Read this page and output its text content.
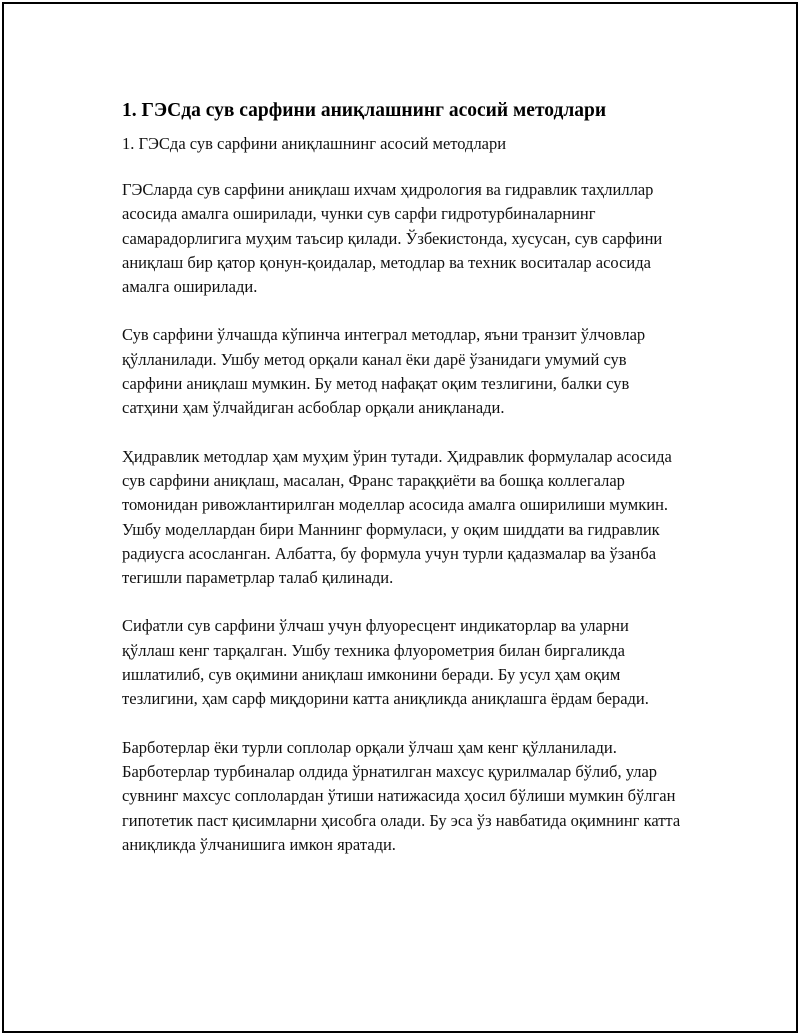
1. ГЭСда сув сарфини аниқлашнинг асосий методлари

1. ГЭСда сув сарфини аниқлашнинг асосий методлари

ГЭСларда сув сарфини аниқлаш ихчам ҳидрология ва гидравлик таҳлиллар асосида амалга оширилади, чунки сув сарфи гидротурбиналарнинг самарадорлигига муҳим таъсир қилади. Ўзбекистонда, хусусан, сув сарфини аниқлаш бир қатор қонун-қоидалар, методлар ва техник воситалар асосида амалга оширилади.

Сув сарфини ўлчашда кўпинча интеграл методлар, яъни транзит ўлчовлар қўлланилади. Ушбу метод орқали канал ёки дарё ўзанидаги умумий сув сарфини аниқлаш мумкин. Бу метод нафақат оқим тезлигини, балки сув сатҳини ҳам ўлчайдиган асбоблар орқали аниқланади.

Ҳидравлик методлар ҳам муҳим ўрин тутади. Ҳидравлик формулалар асосида сув сарфини аниқлаш, масалан, Франс тараққиёти ва бошқа коллегалар томонидан ривожлантирилган моделлар асосида амалга оширилиши мумкин. Ушбу моделлардан бири Маннинг формуласи, у оқим шиддати ва гидравлик радиусга асосланган. Албатта, бу формула учун турли қадазмалар ва ўзанба тегишли параметрлар талаб қилинади.

Сифатли сув сарфини ўлчаш учун флуоресцент индикаторлар ва уларни қўллаш кенг тарқалган. Ушбу техника флуорометрия билан биргаликда ишлатилиб, сув оқимини аниқлаш имконини беради. Бу усул ҳам оқим тезлигини, ҳам сарф миқдорини катта аниқликда аниқлашга ёрдам беради.

Барботерлар ёки турли соплолар орқали ўлчаш ҳам кенг қўлланилади. Барботерлар турбиналар олдида ўрнатилган махсус қурилмалар бўлиб, улар сувнинг махсус соплолардан ўтиши натижасида ҳосил бўлиши мумкин бўлган гипотетик паст қисимларни ҳисобга олади. Бу эса ўз навбатида оқимнинг катта аниқликда ўлчанишига имкон яратади.
